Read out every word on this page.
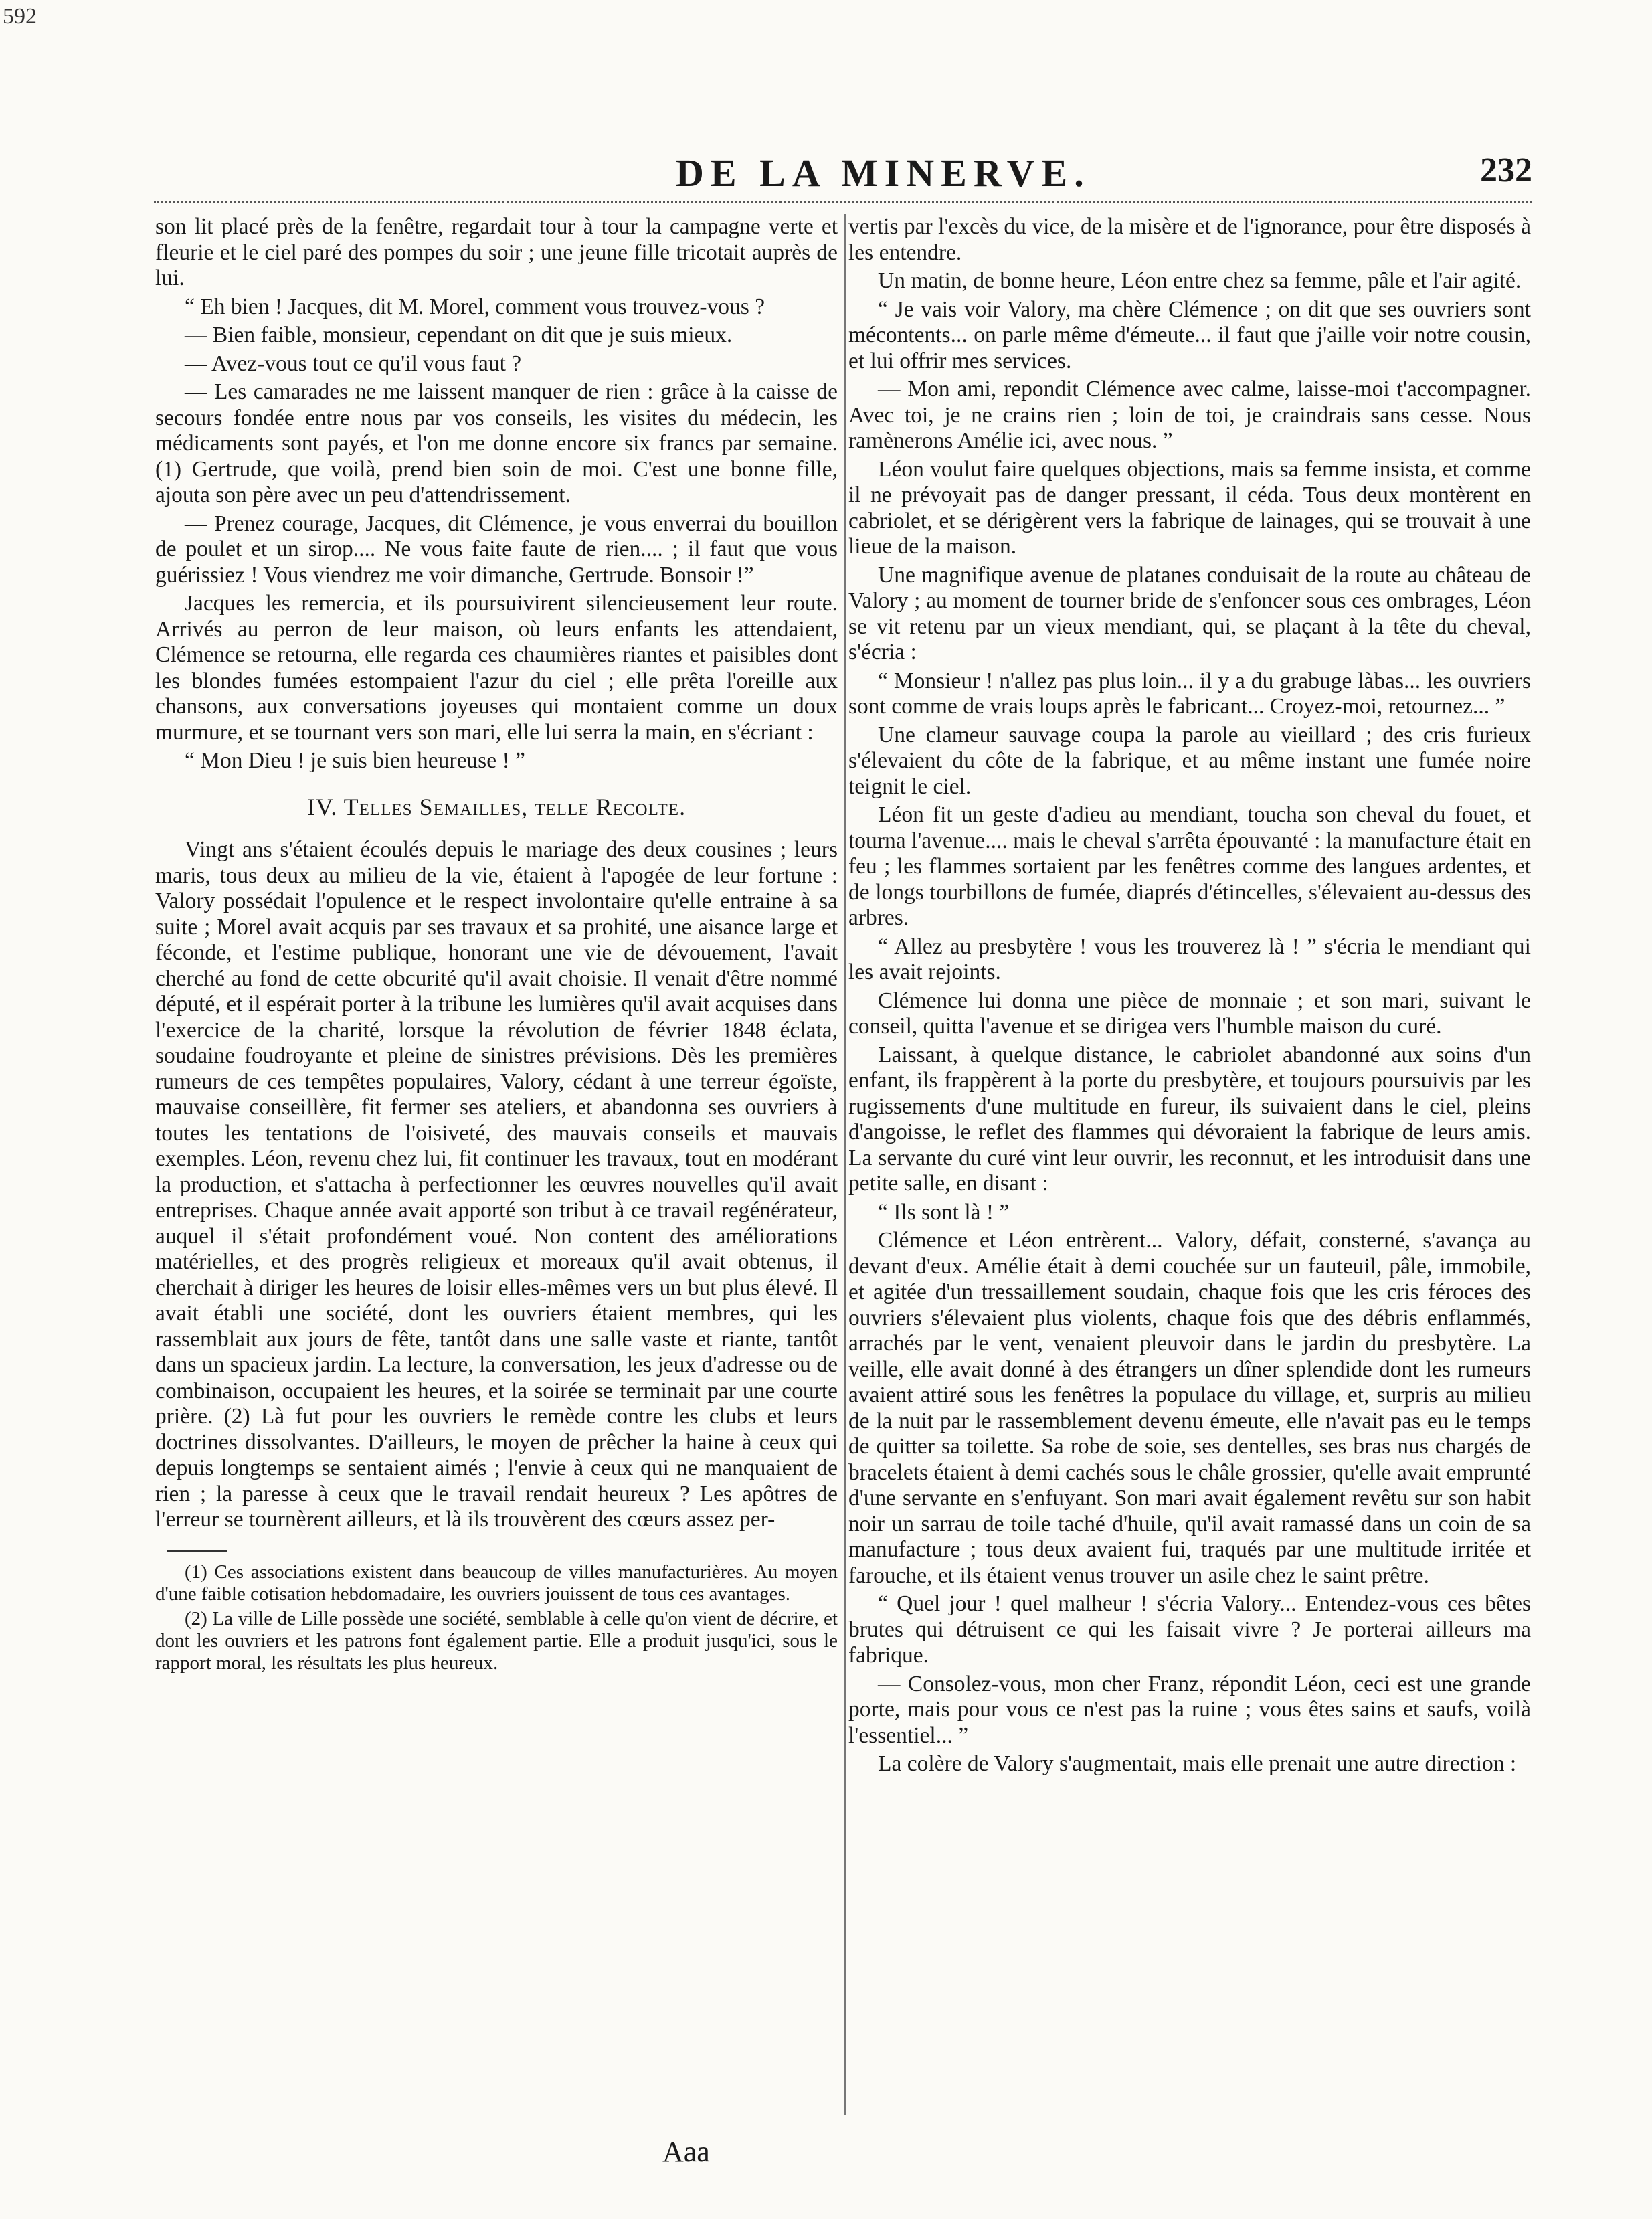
592
DE LA MINERVE.	232

son lit placé près de la fenêtre, regardait tour à tour la campagne verte et fleurie et le ciel paré des pompes du soir ; une jeune fille tricotait auprès de lui.

“ Eh bien ! Jacques, dit M. Morel, comment vous trouvez-vous ?

— Bien faible, monsieur, cependant on dit que je suis mieux.

— Avez-vous tout ce qu'il vous faut ?

— Les camarades ne me laissent manquer de rien : grâce à la caisse de secours fondée entre nous par vos conseils, les visites du médecin, les médicaments sont payés, et l'on me donne encore six francs par semaine. (1) Gertrude, que voilà, prend bien soin de moi. C'est une bonne fille, ajouta son père avec un peu d'attendrissement.

— Prenez courage, Jacques, dit Clémence, je vous enverrai du bouillon de poulet et un sirop.... Ne vous faite faute de rien.... ; il faut que vous guérissiez ! Vous viendrez me voir dimanche, Gertrude. Bonsoir !”

Jacques les remercia, et ils poursuivirent silencieusement leur route. Arrivés au perron de leur maison, où leurs enfants les attendaient, Clémence se retourna, elle regarda ces chaumières riantes et paisibles dont les blondes fumées estompaient l'azur du ciel ; elle prêta l'oreille aux chansons, aux conversations joyeuses qui montaient comme un doux murmure, et se tournant vers son mari, elle lui serra la main, en s'écriant :

“ Mon Dieu ! je suis bien heureuse ! ”

IV. Telles Semailles, telle Recolte.

Vingt ans s'étaient écoulés depuis le mariage des deux cousines ; leurs maris, tous deux au milieu de la vie, étaient à l'apogée de leur fortune : Valory possédait l'opulence et le respect involontaire qu'elle entraine à sa suite ; Morel avait acquis par ses travaux et sa prohité, une aisance large et féconde, et l'estime publique, honorant une vie de dévouement, l'avait cherché au fond de cette obcurité qu'il avait choisie. Il venait d'être nommé député, et il espérait porter à la tribune les lumières qu'il avait acquises dans l'exercice de la charité, lorsque la révolution de février 1848 éclata, soudaine foudroyante et pleine de sinistres prévisions. Dès les premières rumeurs de ces tempêtes populaires, Valory, cédant à une terreur égoïste, mauvaise conseillère, fit fermer ses ateliers, et abandonna ses ouvriers à toutes les tentations de l'oisiveté, des mauvais conseils et mauvais exemples. Léon, revenu chez lui, fit continuer les travaux, tout en modérant la production, et s'attacha à perfectionner les œuvres nouvelles qu'il avait entreprises. Chaque année avait apporté son tribut à ce travail regénérateur, auquel il s'était profondément voué. Non content des améliorations matérielles, et des progrès religieux et moreaux qu'il avait obtenus, il cherchait à diriger les heures de loisir elles-mêmes vers un but plus élevé. Il avait établi une société, dont les ouvriers étaient membres, qui les rassemblait aux jours de fête, tantôt dans une salle vaste et riante, tantôt dans un spacieux jardin. La lecture, la conversation, les jeux d'adresse ou de combinaison, occupaient les heures, et la soirée se terminait par une courte prière. (2) Là fut pour les ouvriers le remède contre les clubs et leurs doctrines dissolvantes. D'ailleurs, le moyen de prêcher la haine à ceux qui depuis longtemps se sentaient aimés ; l'envie à ceux qui ne manquaient de rien ; la paresse à ceux que le travail rendait heureux ? Les apôtres de l'erreur se tournèrent ailleurs, et là ils trouvèrent des cœurs assez per-

(1) Ces associations existent dans beaucoup de villes manufacturières. Au moyen d'une faible cotisation hebdomadaire, les ouvriers jouissent de tous ces avantages.

(2) La ville de Lille possède une société, semblable à celle qu'on vient de décrire, et dont les ouvriers et les patrons font également partie. Elle a produit jusqu'ici, sous le rapport moral, les résultats les plus heureux.

vertis par l'excès du vice, de la misère et de l'ignorance, pour être disposés à les entendre.

Un matin, de bonne heure, Léon entre chez sa femme, pâle et l'air agité.

“ Je vais voir Valory, ma chère Clémence ; on dit que ses ouvriers sont mécontents... on parle même d'émeute... il faut que j'aille voir notre cousin, et lui offrir mes services.

— Mon ami, repondit Clémence avec calme, laisse-moi t'accompagner. Avec toi, je ne crains rien ; loin de toi, je craindrais sans cesse. Nous ramènerons Amélie ici, avec nous. ”

Léon voulut faire quelques objections, mais sa femme insista, et comme il ne prévoyait pas de danger pressant, il céda. Tous deux montèrent en cabriolet, et se dérigèrent vers la fabrique de lainages, qui se trouvait à une lieue de la maison.

Une magnifique avenue de platanes conduisait de la route au château de Valory ; au moment de tourner bride de s'enfoncer sous ces ombrages, Léon se vit retenu par un vieux mendiant, qui, se plaçant à la tête du cheval, s'écria :

“ Monsieur ! n'allez pas plus loin... il y a du grabuge làbas... les ouvriers sont comme de vrais loups après le fabricant... Croyez-moi, retournez... ”

Une clameur sauvage coupa la parole au vieillard ; des cris furieux s'élevaient du côte de la fabrique, et au même instant une fumée noire teignit le ciel.

Léon fit un geste d'adieu au mendiant, toucha son cheval du fouet, et tourna l'avenue.... mais le cheval s'arrêta épouvanté : la manufacture était en feu ; les flammes sortaient par les fenêtres comme des langues ardentes, et de longs tourbillons de fumée, diaprés d'étincelles, s'élevaient au-dessus des arbres.

“ Allez au presbytère ! vous les trouverez là ! ” s'écria le mendiant qui les avait rejoints.

Clémence lui donna une pièce de monnaie ; et son mari, suivant le conseil, quitta l'avenue et se dirigea vers l'humble maison du curé.

Laissant, à quelque distance, le cabriolet abandonné aux soins d'un enfant, ils frappèrent à la porte du presbytère, et toujours poursuivis par les rugissements d'une multitude en fureur, ils suivaient dans le ciel, pleins d'angoisse, le reflet des flammes qui dévoraient la fabrique de leurs amis. La servante du curé vint leur ouvrir, les reconnut, et les introduisit dans une petite salle, en disant :

“ Ils sont là ! ”

Clémence et Léon entrèrent... Valory, défait, consterné, s'avança au devant d'eux. Amélie était à demi couchée sur un fauteuil, pâle, immobile, et agitée d'un tressaillement soudain, chaque fois que les cris féroces des ouvriers s'élevaient plus violents, chaque fois que des débris enflammés, arrachés par le vent, venaient pleuvoir dans le jardin du presbytère. La veille, elle avait donné à des étrangers un dîner splendide dont les rumeurs avaient attiré sous les fenêtres la populace du village, et, surpris au milieu de la nuit par le rassemblement devenu émeute, elle n'avait pas eu le temps de quitter sa toilette. Sa robe de soie, ses dentelles, ses bras nus chargés de bracelets étaient à demi cachés sous le châle grossier, qu'elle avait emprunté d'une servante en s'enfuyant. Son mari avait également revêtu sur son habit noir un sarrau de toile taché d'huile, qu'il avait ramassé dans un coin de sa manufacture ; tous deux avaient fui, traqués par une multitude irritée et farouche, et ils étaient venus trouver un asile chez le saint prêtre.

“ Quel jour ! quel malheur ! s'écria Valory... Entendez-vous ces bêtes brutes qui détruisent ce qui les faisait vivre ? Je porterai ailleurs ma fabrique.

— Consolez-vous, mon cher Franz, répondit Léon, ceci est une grande porte, mais pour vous ce n'est pas la ruine ; vous êtes sains et saufs, voilà l'essentiel... ”

La colère de Valory s'augmentait, mais elle prenait une autre direction :

Aaa
